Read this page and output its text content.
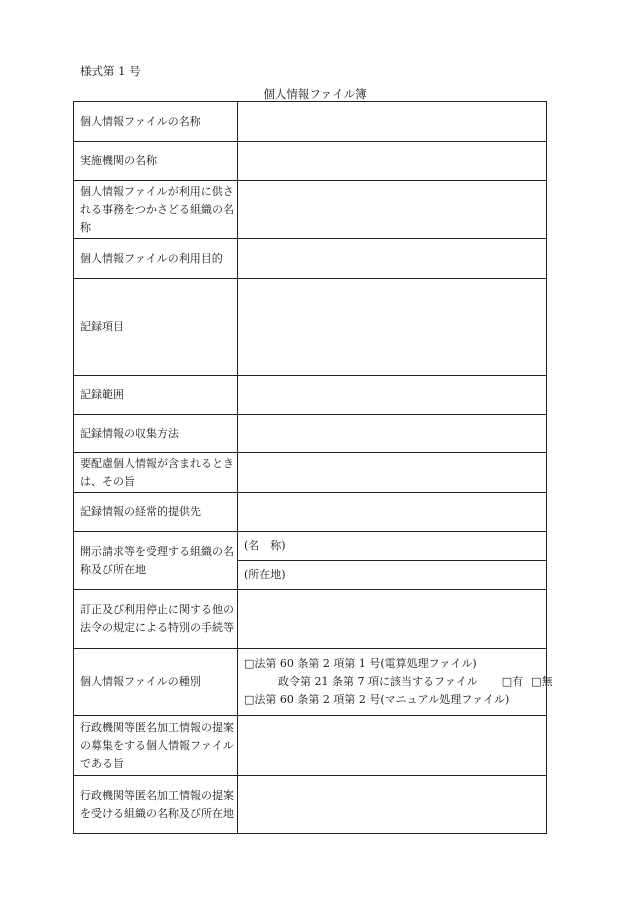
様式第 1 号
個人情報ファイル簿
個人情報ファイルの名称	
実施機関の名称	
個人情報ファイルが利用に供される事務をつかさどる組織の名称	
個人情報ファイルの利用目的	
記録項目	
記録範囲	
記録情報の収集方法	
要配慮個人情報が含まれるときは、その旨	
記録情報の経常的提供先	
開示請求等を受理する組織の名称及び所在地	(名　称)
	(所在地)
訂正及び利用停止に関する他の法令の規定による特別の手続等	
個人情報ファイルの種別	□法第 60 条第 2 項第 1 号(電算処理ファイル)
政令第 21 条第 7 項に該当するファイル □有 □無
□法第 60 条第 2 項第 2 号(マニュアル処理ファイル)

行政機関等匿名加工情報の提案の募集をする個人情報ファイルである旨	
行政機関等匿名加工情報の提案を受ける組織の名称及び所在地	
